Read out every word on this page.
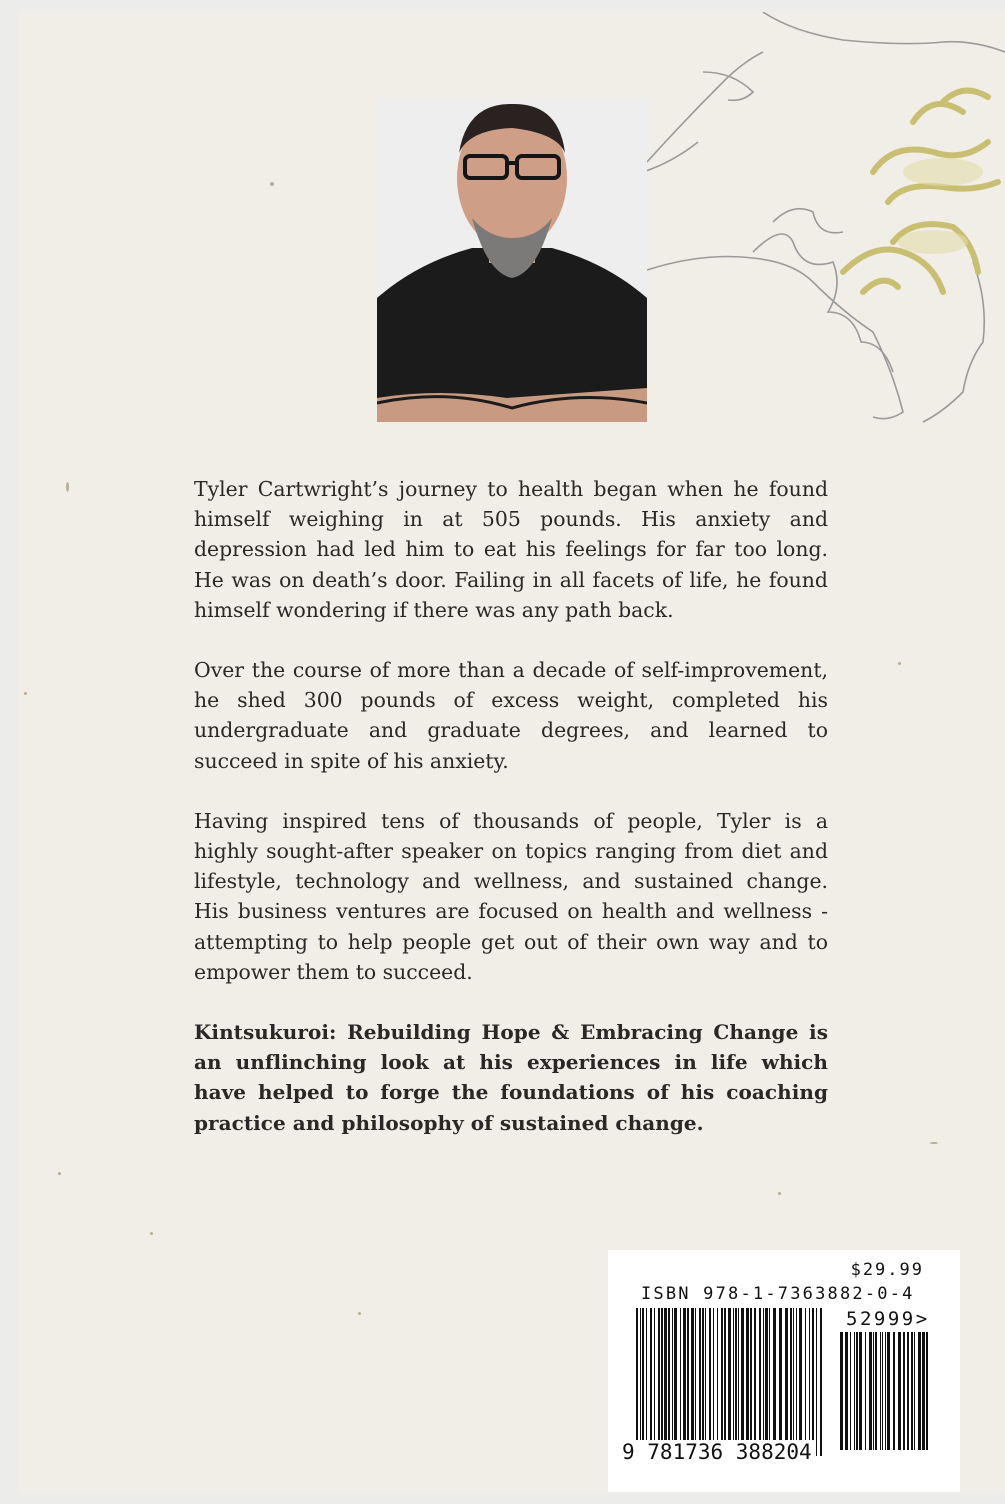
Tyler Cartwright’s journey to health began when he found himself weighing in at 505 pounds. His anxiety and depression had led him to eat his feelings for far too long. He was on death’s door. Failing in all facets of life, he found himself wondering if there was any path back.

Over the course of more than a decade of self-improvement, he shed 300 pounds of excess weight, completed his undergraduate and graduate degrees, and learned to succeed in spite of his anxiety.

Having inspired tens of thousands of people, Tyler is a highly sought-after speaker on topics ranging from diet and lifestyle, technology and wellness, and sustained change. His business ventures are focused on health and wellness - attempting to help people get out of their own way and to empower them to succeed.

Kintsukuroi: Rebuilding Hope & Embracing Change is an unflinching look at his experiences in life which have helped to forge the foundations of his coaching practice and philosophy of sustained change.

$29.99
ISBN 978-1-7363882-0-4
52999>
9 781736 388204
